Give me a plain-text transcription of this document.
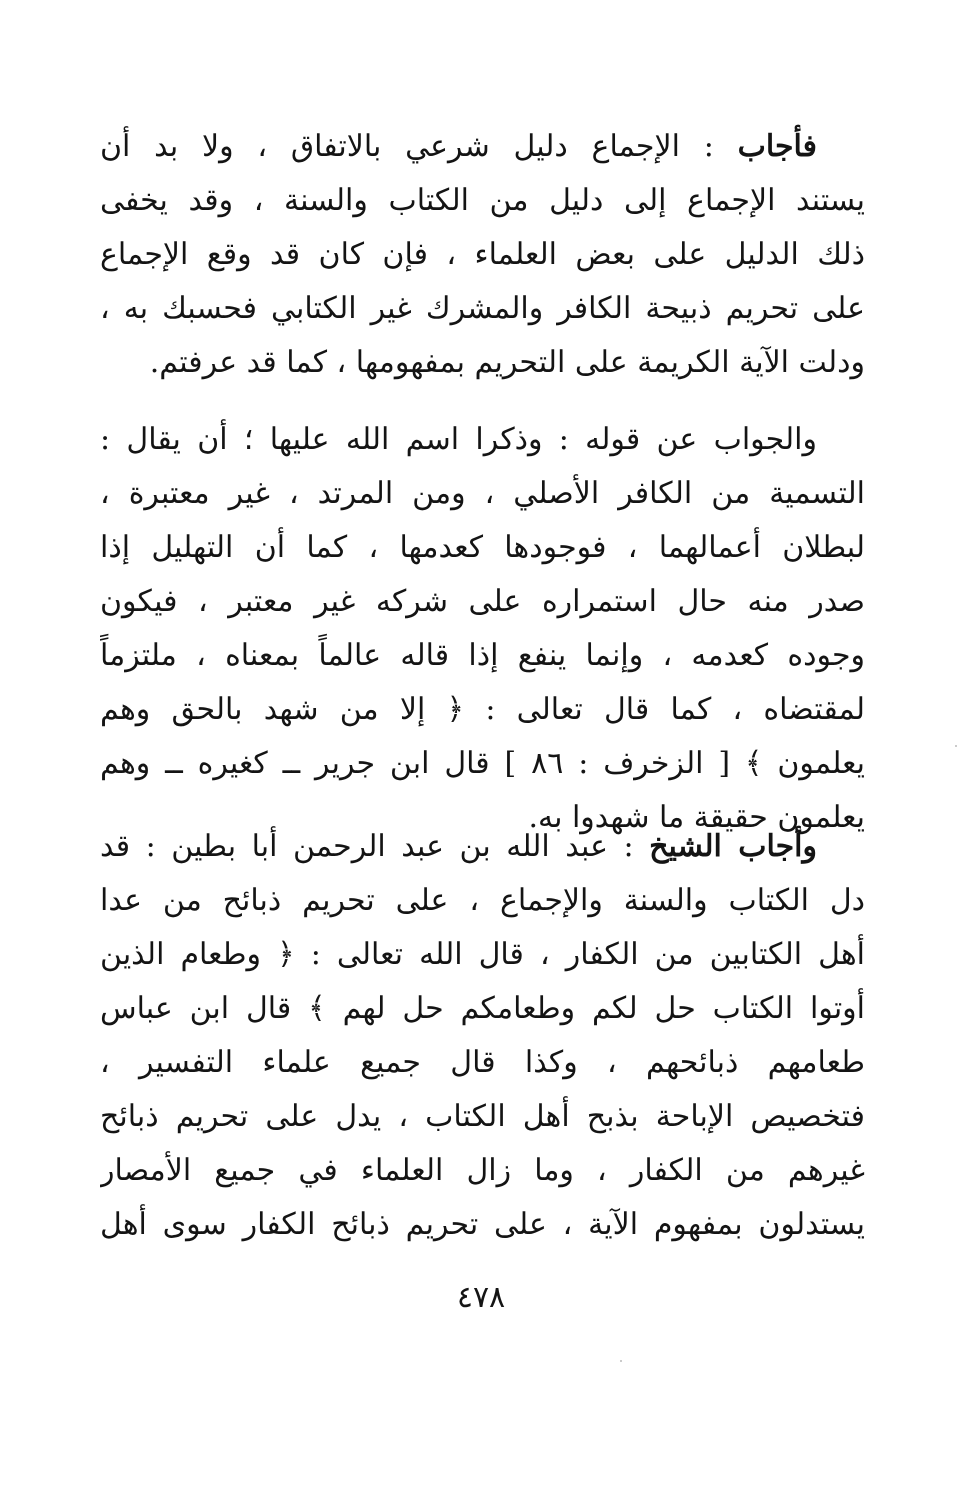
فأجاب : الإجماع دليل شرعي بالاتفاق ، ولا بد أن
يستند الإجماع إلى دليل من الكتاب والسنة ، وقد يخفى
ذلك الدليل على بعض العلماء ، فإن كان قد وقع الإجماع
على تحريم ذبيحة الكافر والمشرك غير الكتابي فحسبك به ،
ودلت الآية الكريمة على التحريم بمفهومها ، كما قد عرفتم.
والجواب عن قوله : وذكرا اسم الله عليها ؛ أن يقال :
التسمية من الكافر الأصلي ، ومن المرتد ، غير معتبرة ،
لبطلان أعمالهما ، فوجودها كعدمها ، كما أن التهليل إذا
صدر منه حال استمراره على شركه غير معتبر ، فيكون
وجوده كعدمه ، وإنما ينفع إذا قاله عالماً بمعناه ، ملتزماً
لمقتضاه ، كما قال تعالى : ﴿ إلا من شهد بالحق وهم
يعلمون ﴾ [ الزخرف : ٨٦ ] قال ابن جرير ــ كغيره ــ وهم
يعلمون حقيقة ما شهدوا به.
وأجاب الشيخ : عبد الله بن عبد الرحمن أبا بطين : قد
دل الكتاب والسنة والإجماع ، على تحريم ذبائح من عدا
أهل الكتابين من الكفار ، قال الله تعالى : ﴿ وطعام الذين
أوتوا الكتاب حل لكم وطعامكم حل لهم ﴾ قال ابن عباس
طعامهم ذبائحهم ، وكذا قال جميع علماء التفسير ،
فتخصيص الإباحة بذبح أهل الكتاب ، يدل على تحريم ذبائح
غيرهم من الكفار ، وما زال العلماء في جميع الأمصار
يستدلون بمفهوم الآية ، على تحريم ذبائح الكفار سوى أهل
٤٧٨
